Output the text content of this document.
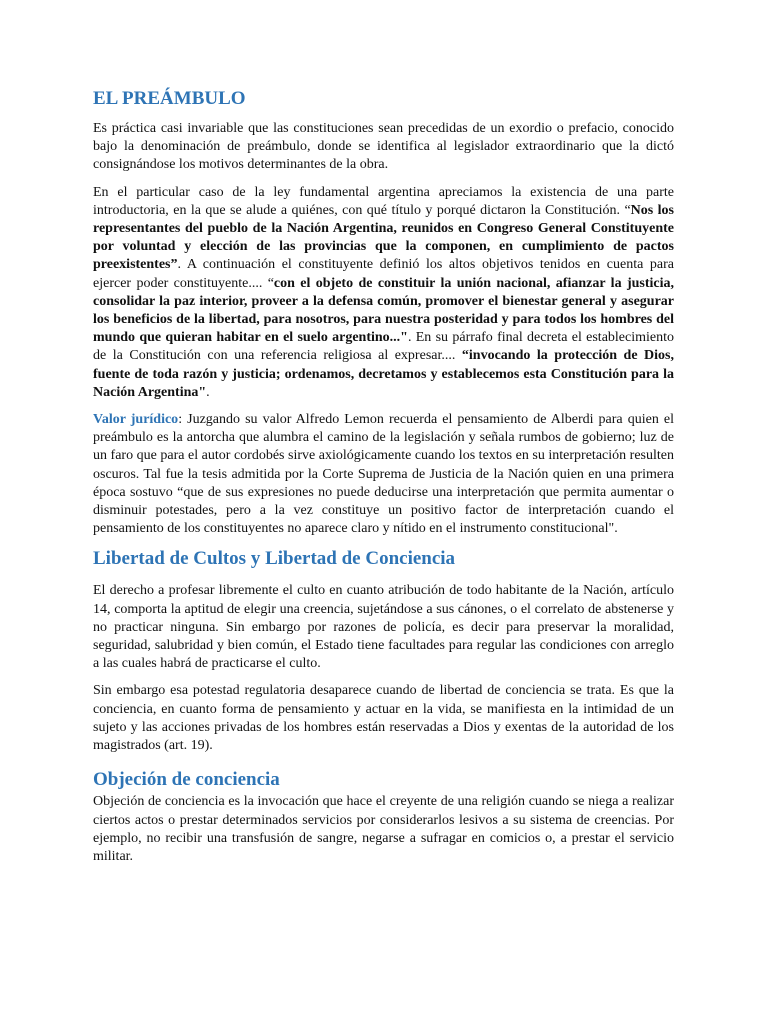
EL PREÁMBULO

Es práctica casi invariable que las constituciones sean precedidas de un exordio o prefacio, conocido bajo la denominación de preámbulo, donde se identifica al legislador extraordinario que la dictó consignándose los motivos determinantes de la obra.

En el particular caso de la ley fundamental argentina apreciamos la existencia de una parte introductoria, en la que se alude a quiénes, con qué título y porqué dictaron la Constitución. “Nos los representantes del pueblo de la Nación Argentina, reunidos en Congreso General Constituyente por voluntad y elección de las provincias que la componen, en cumplimiento de pactos preexistentes”. A continuación el constituyente definió los altos objetivos tenidos en cuenta para ejercer poder constituyente.... “con el objeto de constituir la unión nacional, afianzar la justicia, consolidar la paz interior, proveer a la defensa común, promover el bienestar general y asegurar los beneficios de la libertad, para nosotros, para nuestra posteridad y para todos los hombres del mundo que quieran habitar en el suelo argentino...". En su párrafo final decreta el establecimiento de la Constitución con una referencia religiosa al expresar.... “invocando la protección de Dios, fuente de toda razón y justicia; ordenamos, decretamos y establecemos esta Constitución para la Nación Argentina".

Valor jurídico: Juzgando su valor Alfredo Lemon recuerda el pensamiento de Alberdi para quien el preámbulo es la antorcha que alumbra el camino de la legislación y señala rumbos de gobierno; luz de un faro que para el autor cordobés sirve axiológicamente cuando los textos en su interpretación resulten oscuros. Tal fue la tesis admitida por la Corte Suprema de Justicia de la Nación quien en una primera época sostuvo “que de sus expresiones no puede deducirse una interpretación que permita aumentar o disminuir potestades, pero a la vez constituye un positivo factor de interpretación cuando el pensamiento de los constituyentes no aparece claro y nítido en el instrumento constitucional".

Libertad de Cultos y Libertad de Conciencia

El derecho a profesar libremente el culto en cuanto atribución de todo habitante de la Nación, artículo 14, comporta la aptitud de elegir una creencia, sujetándose a sus cánones, o el correlato de abstenerse y no practicar ninguna. Sin embargo por razones de policía, es decir para preservar la moralidad, seguridad, salubridad y bien común, el Estado tiene facultades para regular las condiciones con arreglo a las cuales habrá de practicarse el culto.

Sin embargo esa potestad regulatoria desaparece cuando de libertad de conciencia se trata. Es que la conciencia, en cuanto forma de pensamiento y actuar en la vida, se manifiesta en la intimidad de un sujeto y las acciones privadas de los hombres están reservadas a Dios y exentas de la autoridad de los magistrados (art. 19).

Objeción de conciencia

Objeción de conciencia es la invocación que hace el creyente de una religión cuando se niega a realizar ciertos actos o prestar determinados servicios por considerarlos lesivos a su sistema de creencias. Por ejemplo, no recibir una transfusión de sangre, negarse a sufragar en comicios o, a prestar el servicio militar.
